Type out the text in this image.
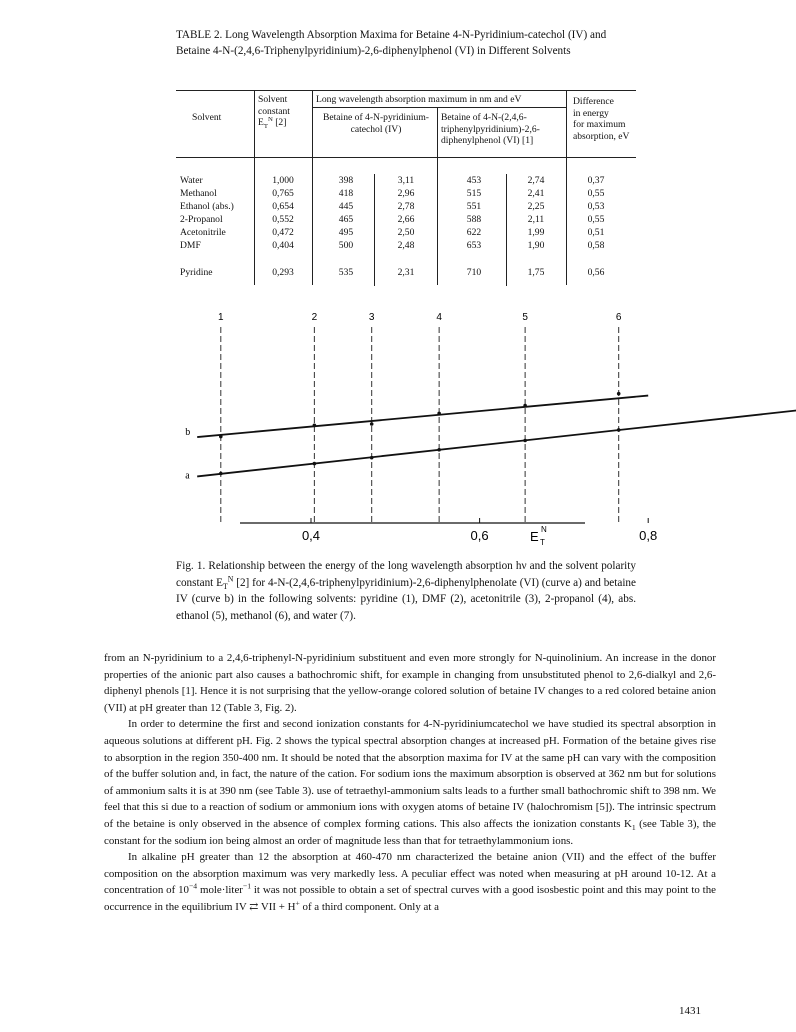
TABLE 2. Long Wavelength Absorption Maxima for Betaine 4-N-Pyridinium-catechol (IV) and Betaine 4-N-(2,4,6-Triphenylpyridinium)-2,6-diphenylphenol (VI) in Different Solvents
Solvent
Solvent
constant
$E_T^N$ [2]
Long wavelength absorption maximum in nm and eV
Betaine of 4-N-pyridinium-
catechol (IV)
Betaine of 4-N-(2,4,6-
triphenylpyridinium)-2,6-
diphenylphenol (VI) [1]
Difference
in energy
for maximum
absorption, eV
Water	1,000	398	3,11	453	2,74	0,37
Methanol	0,765	418	2,96	515	2,41	0,55
Ethanol (abs.)	0,654	445	2,78	551	2,25	0,53
2-Propanol	0,552	465	2,66	588	2,11	0,55
Acetonitrile	0,472	495	2,50	622	1,99	0,51
DMF	0,404	500	2,48	653	1,90	0,58
Pyridine	0,293	535	2,31	710	1,75	0,56
0,4	0,6	0,8
E T
N
1	2	3	4	5	6
a
b
Fig. 1. Relationship between the energy of the long wavelength absorption hν and the solvent polarity constant $E_T^N$ [2] for 4-N-(2,4,6-triphenylpyridinium)-2,6-diphenylphenolate (VI) (curve a) and betaine IV (curve b) in the following solvents: pyridine (1), DMF (2), acetonitrile (3), 2-propanol (4), abs. ethanol (5), methanol (6), and water (7).

from an N-pyridinium to a 2,4,6-triphenyl-N-pyridinium substituent and even more strongly for N-quinolinium. An increase in the donor properties of the anionic part also causes a bathochromic shift, for example in changing from unsubstituted phenol to 2,6-dialkyl and 2,6-diphenyl phenols [1]. Hence it is not surprising that the yellow-orange colored solution of betaine IV changes to a red colored betaine anion (VII) at pH greater than 12 (Table 3, Fig. 2).

In order to determine the first and second ionization constants for 4-N-pyridiniumcatechol we have studied its spectral absorption in aqueous solutions at different pH. Fig. 2 shows the typical spectral absorption changes at increased pH. Formation of the betaine gives rise to absorption in the region 350-400 nm. It should be noted that the absorption maxima for IV at the same pH can vary with the composition of the buffer solution and, in fact, the nature of the cation. For sodium ions the maximum absorption is observed at 362 nm but for solutions of ammonium salts it is at 390 nm (see Table 3). use of tetraethyl-ammonium salts leads to a further small bathochromic shift to 398 nm. We feel that this si due to a reaction of sodium or ammonium ions with oxygen atoms of betaine IV (halochromism [5]). The intrinsic spectrum of the betaine is only observed in the absence of complex forming cations. This also affects the ionization constants $K_1$ (see Table 3), the constant for the sodium ion being almost an order of magnitude less than that for tetraethylammonium ions.

In alkaline pH greater than 12 the absorption at 460-470 nm characterized the betaine anion (VII) and the effect of the buffer composition on the absorption maximum was very markedly less. A peculiar effect was noted when measuring at pH around 10-12. At a concentration of $10^{-4}$ mole·liter$^{-1}$ it was not possible to obtain a set of spectral curves with a good isosbestic point and this may point to the occurrence in the equilibrium IV ⇄ VII + H+ of a third component. Only at a

1431
